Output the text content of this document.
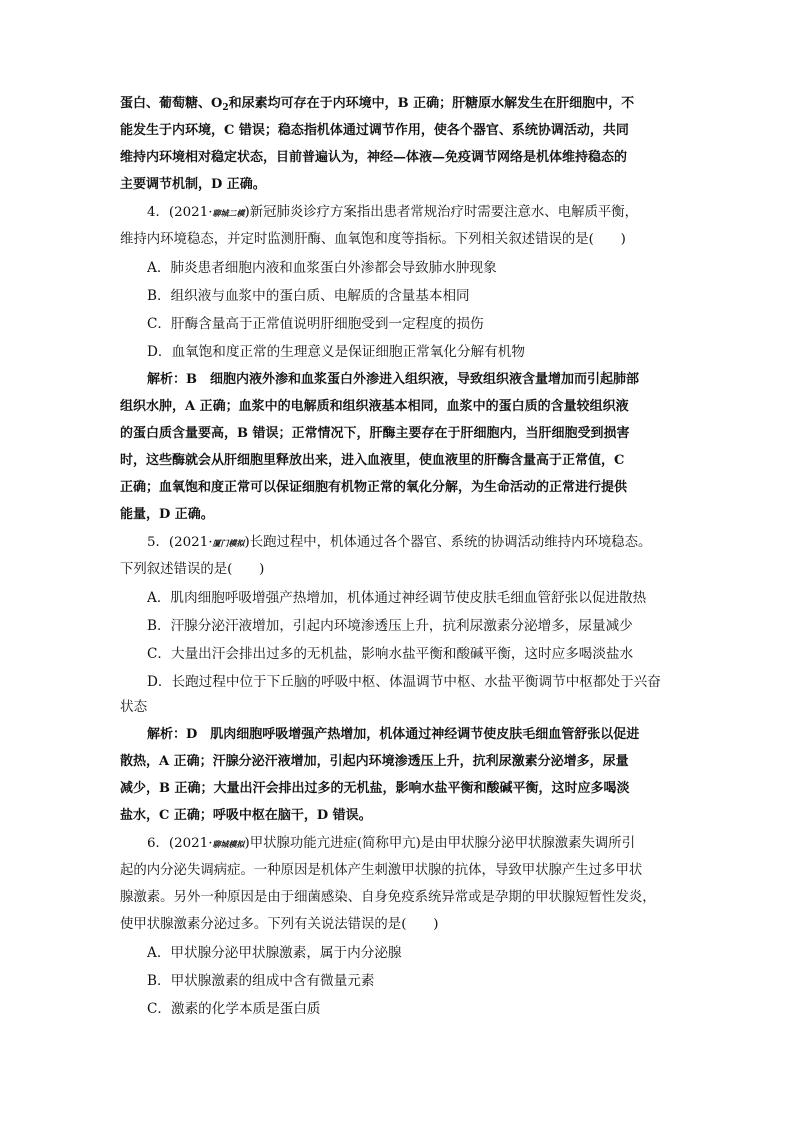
蛋白、葡萄糖、$O_2$和尿素均可存在于内环境中，B 正确；肝糖原水解发生在肝细胞中，不
能发生于内环境，C 错误；稳态指机体通过调节作用，使各个器官、系统协调活动，共同
维持内环境相对稳定状态，目前普遍认为，神经—体液—免疫调节网络是机体维持稳态的
主要调节机制，D 正确。
4．(2021·聊城二模)新冠肺炎诊疗方案指出患者常规治疗时需要注意水、电解质平衡，
维持内环境稳态，并定时监测肝酶、血氧饱和度等指标。下列相关叙述错误的是(　　)
A．肺炎患者细胞内液和血浆蛋白外渗都会导致肺水肿现象
B．组织液与血浆中的蛋白质、电解质的含量基本相同
C．肝酶含量高于正常值说明肝细胞受到一定程度的损伤
D．血氧饱和度正常的生理意义是保证细胞正常氧化分解有机物
解析：B　细胞内液外渗和血浆蛋白外渗进入组织液，导致组织液含量增加而引起肺部
组织水肿，A 正确；血浆中的电解质和组织液基本相同，血浆中的蛋白质的含量较组织液
的蛋白质含量要高，B 错误；正常情况下，肝酶主要存在于肝细胞内，当肝细胞受到损害
时，这些酶就会从肝细胞里释放出来，进入血液里，使血液里的肝酶含量高于正常值，C
正确；血氧饱和度正常可以保证细胞有机物正常的氧化分解，为生命活动的正常进行提供
能量，D 正确。
5．(2021·厦门模拟)长跑过程中，机体通过各个器官、系统的协调活动维持内环境稳态。
下列叙述错误的是(　　)
A．肌肉细胞呼吸增强产热增加，机体通过神经调节使皮肤毛细血管舒张以促进散热
B．汗腺分泌汗液增加，引起内环境渗透压上升，抗利尿激素分泌增多，尿量减少
C．大量出汗会排出过多的无机盐，影响水盐平衡和酸碱平衡，这时应多喝淡盐水
D．长跑过程中位于下丘脑的呼吸中枢、体温调节中枢、水盐平衡调节中枢都处于兴奋
状态
解析：D　肌肉细胞呼吸增强产热增加，机体通过神经调节使皮肤毛细血管舒张以促进
散热，A 正确；汗腺分泌汗液增加，引起内环境渗透压上升，抗利尿激素分泌增多，尿量
减少，B 正确；大量出汗会排出过多的无机盐，影响水盐平衡和酸碱平衡，这时应多喝淡
盐水，C 正确；呼吸中枢在脑干，D 错误。
6．(2021·聊城模拟)甲状腺功能亢进症(简称甲亢)是由甲状腺分泌甲状腺激素失调所引
起的内分泌失调病症。一种原因是机体产生刺激甲状腺的抗体，导致甲状腺产生过多甲状
腺激素。另外一种原因是由于细菌感染、自身免疫系统异常或是孕期的甲状腺短暂性发炎，
使甲状腺激素分泌过多。下列有关说法错误的是(　　)
A．甲状腺分泌甲状腺激素，属于内分泌腺
B．甲状腺激素的组成中含有微量元素
C．激素的化学本质是蛋白质
